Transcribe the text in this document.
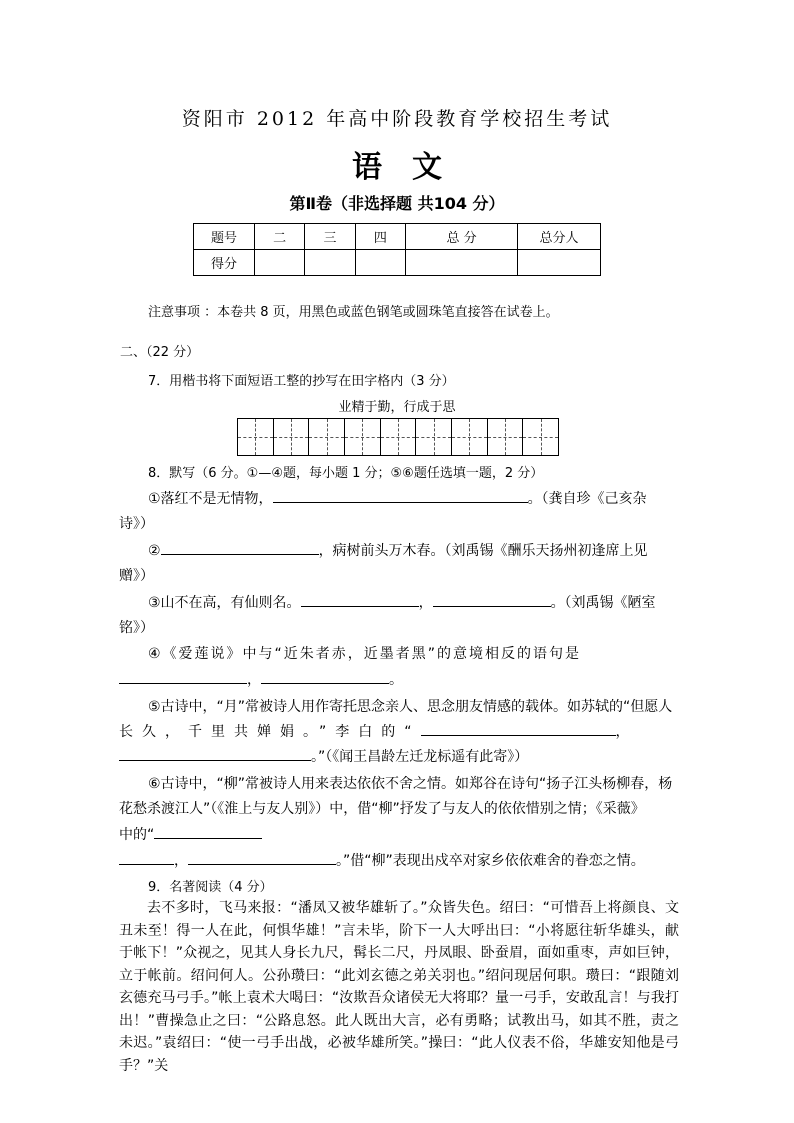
资阳市 2012 年高中阶段教育学校招生考试
语　文
第Ⅱ卷（非选择题 共104 分）
题号	二	三	四	总 分	总分人
得分					
注意事项 ：本卷共 8 页，用黑色或蓝色钢笔或圆珠笔直接答在试卷上。
二、（22 分）
7．用楷书将下面短语工整的抄写在田字格内（3 分）
业精于勤，行成于思
8．默写（6 分。①—④题，每小题 1 分；⑤⑥题任选填一题，2 分）
①落红不是无情物，	。（龚自珍《己亥杂
诗》）
②	，病树前头万木春。（刘禹锡《酬乐天扬州初逢席上见
赠》）
③山不在高，有仙则名。	，	。（刘禹锡《陋室
铭》）
④《爱莲说》中与“近朱者赤，近墨者黑”的意境相反的语句是
，	。
⑤古诗中，“月”常被诗人用作寄托思念亲人、思念朋友情感的载体。如苏轼的“但愿人
长久，千里共婵娟。”李白的“	，
。”（《闻王昌龄左迁龙标遥有此寄》）
⑥古诗中，“柳”常被诗人用来表达依依不舍之情。如郑谷在诗句“扬子江头杨柳春，杨
花愁杀渡江人”（《淮上与友人别》）中，借“柳”抒发了与友人的依依惜别之情；《采薇》
中的“
，	。”借“柳”表现出戍卒对家乡依依难舍的眷恋之情。
9．名著阅读（4 分）

去不多时，飞马来报：“潘凤又被华雄斩了。”众皆失色。绍曰：“可惜吾上将颜良、文丑未至！得一人在此，何惧华雄！”言未毕，阶下一人大呼出曰：“小将愿往斩华雄头，献于帐下！”众视之，见其人身长九尺，髯长二尺，丹凤眼、卧蚕眉，面如重枣，声如巨钟，立于帐前。绍问何人。公孙瓒曰：“此刘玄德之弟关羽也。”绍问现居何职。瓒曰：“跟随刘玄德充马弓手。”帐上袁术大喝曰：“汝欺吾众诸侯无大将耶？量一弓手，安敢乱言！与我打出！”曹操急止之曰：“公路息怒。此人既出大言，必有勇略；试教出马，如其不胜，责之未迟。”袁绍曰：“使一弓手出战，必被华雄所笑。”操曰：“此人仪表不俗，华雄安知他是弓手？”关
